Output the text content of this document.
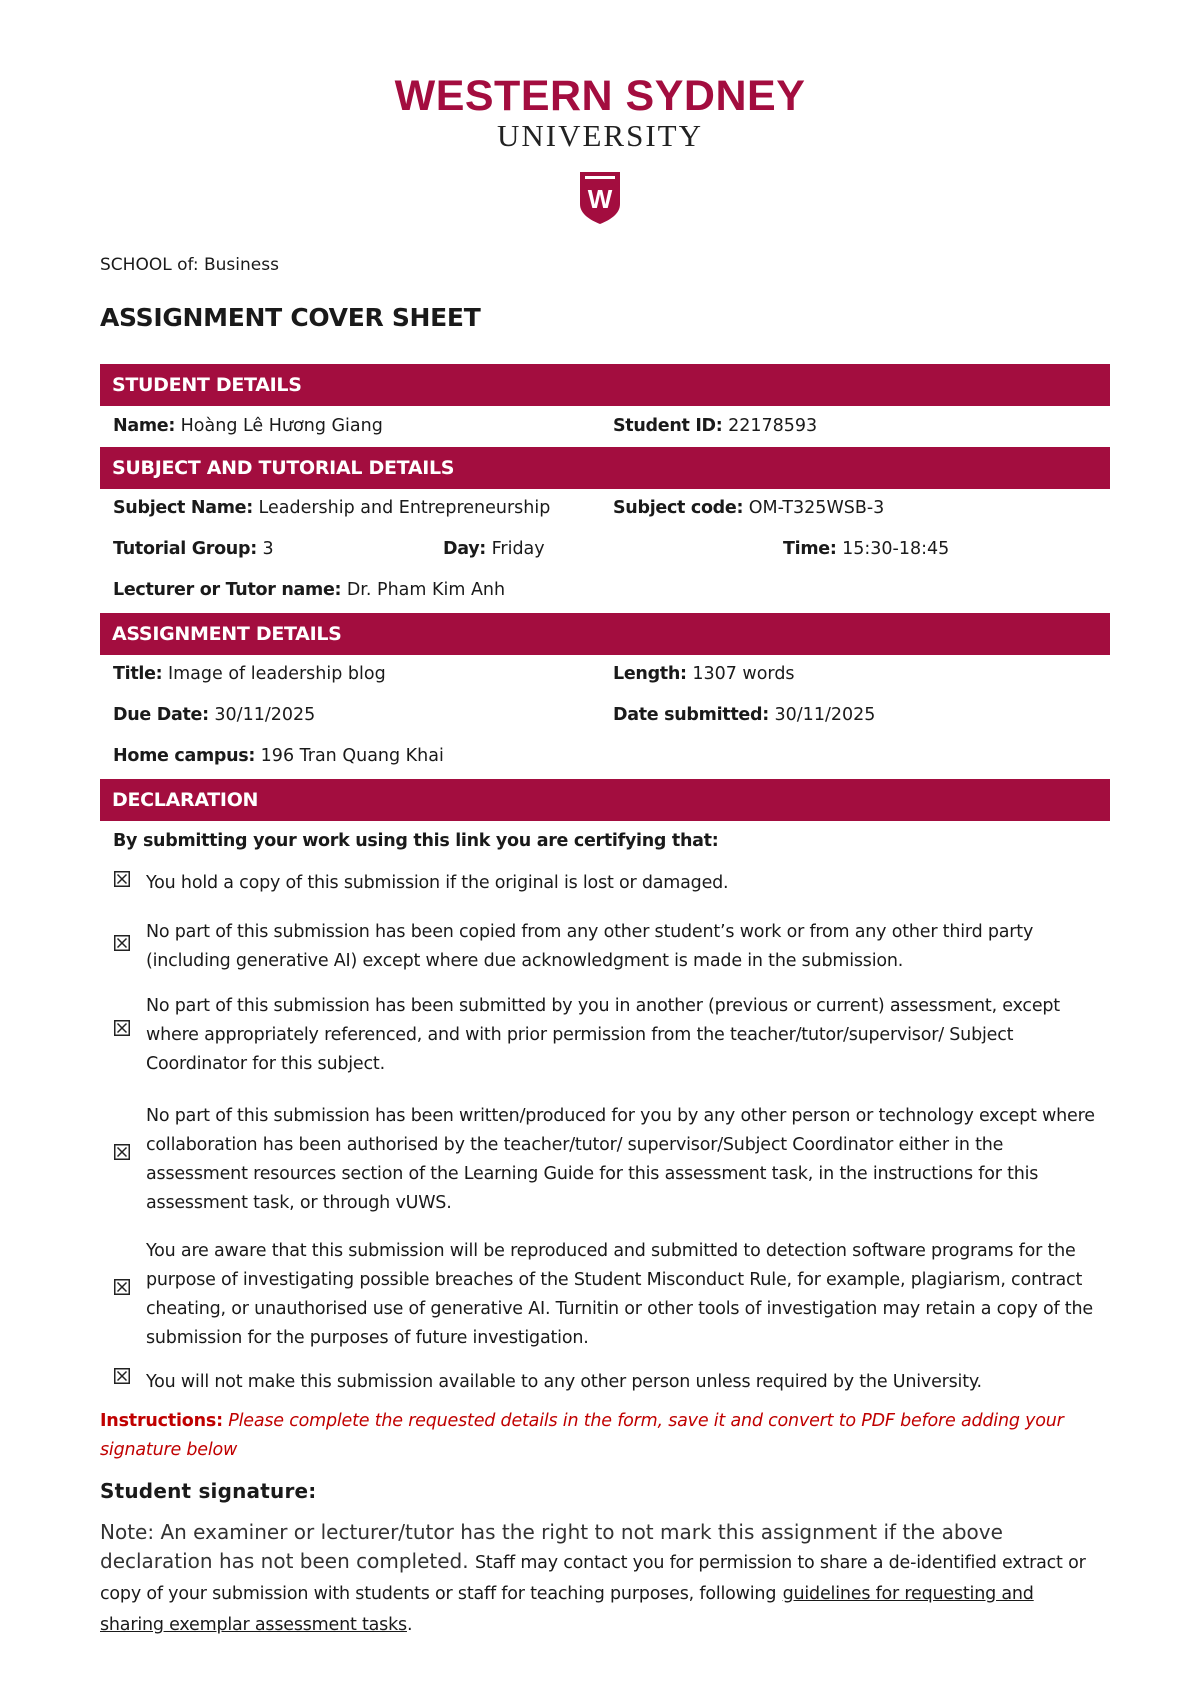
WESTERN SYDNEY
UNIVERSITY
W
SCHOOL of: Business
ASSIGNMENT COVER SHEET
STUDENT DETAILS
Name: Hoàng Lê Hương Giang	Student ID: 22178593
SUBJECT AND TUTORIAL DETAILS
Subject Name: Leadership and Entrepreneurship	Subject code: OM-T325WSB-3
Tutorial Group: 3	Day: Friday	Time: 15:30-18:45
Lecturer or Tutor name: Dr. Pham Kim Anh
ASSIGNMENT DETAILS
Title: Image of leadership blog	Length: 1307 words
Due Date: 30/11/2025	Date submitted: 30/11/2025
Home campus: 196 Tran Quang Khai
DECLARATION
By submitting your work using this link you are certifying that:
You hold a copy of this submission if the original is lost or damaged.
No part of this submission has been copied from any other student’s work or from any other third party (including generative AI) except where due acknowledgment is made in the submission.
No part of this submission has been submitted by you in another (previous or current) assessment, except where appropriately referenced, and with prior permission from the teacher/tutor/supervisor/ Subject Coordinator for this subject.
No part of this submission has been written/produced for you by any other person or technology except where collaboration has been authorised by the teacher/tutor/ supervisor/Subject Coordinator either in the assessment resources section of the Learning Guide for this assessment task, in the instructions for this assessment task, or through vUWS.
You are aware that this submission will be reproduced and submitted to detection software programs for the purpose of investigating possible breaches of the Student Misconduct Rule, for example, plagiarism, contract cheating, or unauthorised use of generative AI. Turnitin or other tools of investigation may retain a copy of the submission for the purposes of future investigation.
You will not make this submission available to any other person unless required by the University.
Instructions: Please complete the requested details in the form, save it and convert to PDF before adding your signature below
Student signature:
Note: An examiner or lecturer/tutor has the right to not mark this assignment if the above declaration has not been completed. Staff may contact you for permission to share a de-identified extract or copy of your submission with students or staff for teaching purposes, following guidelines for requesting and sharing exemplar assessment tasks.
